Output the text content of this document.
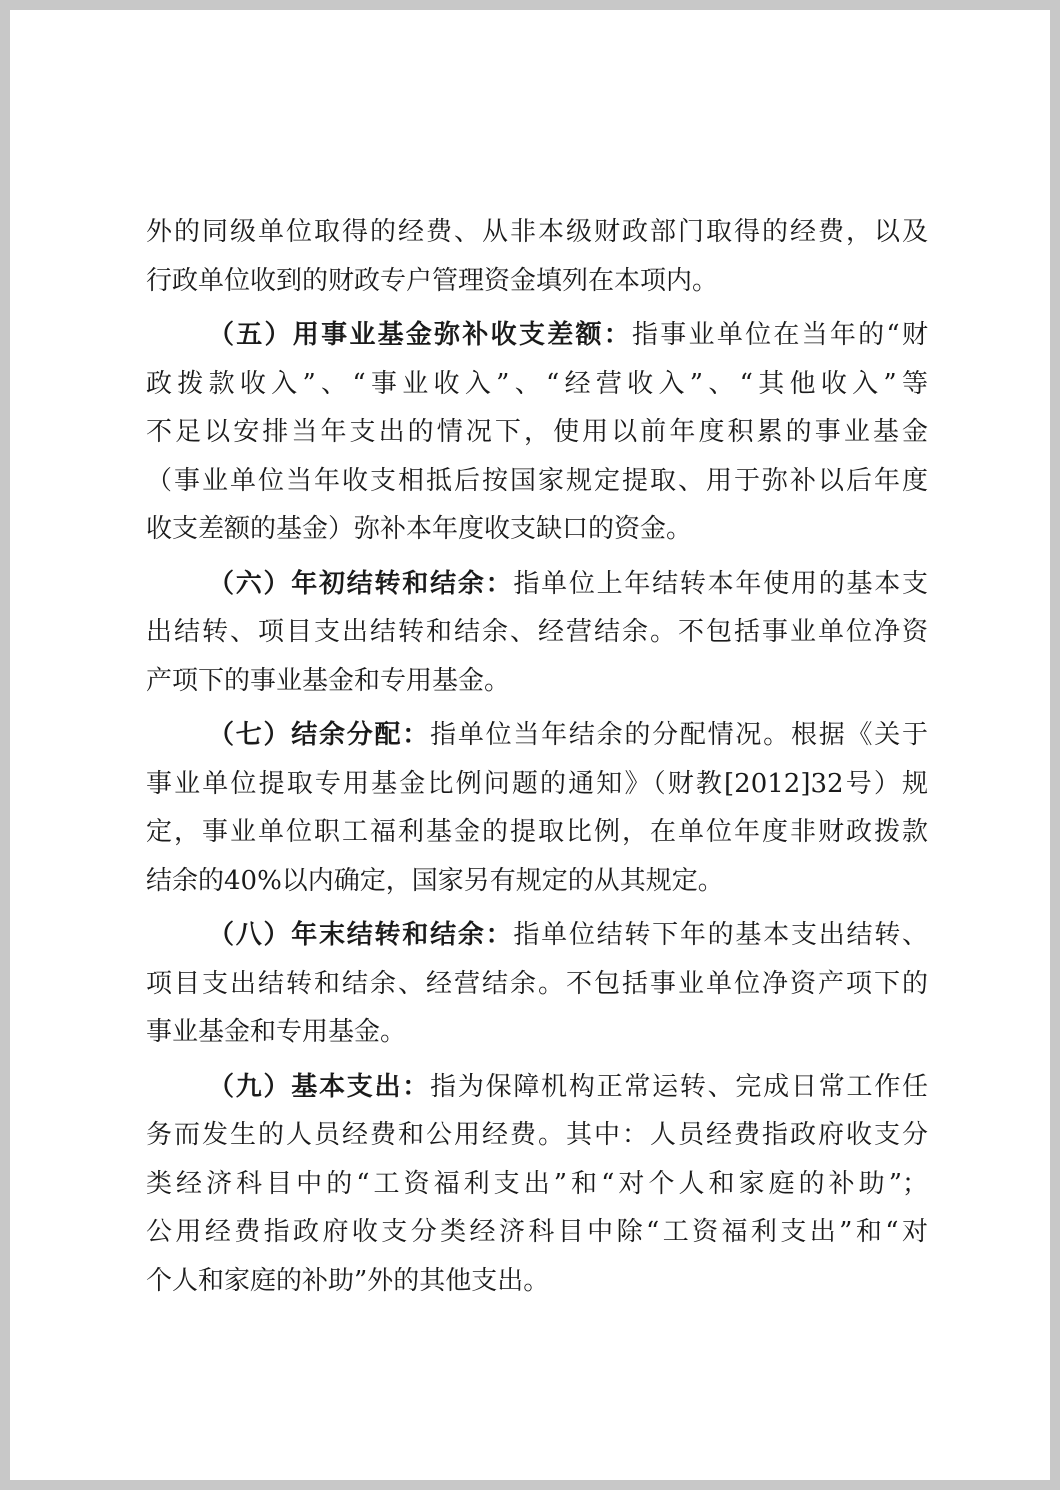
外的同级单位取得的经费、从非本级财政部门取得的经费，以及
行政单位收到的财政专户管理资金填列在本项内。
（五）用事业基金弥补收支差额：指事业单位在当年的“财
政拨款收入”、“事业收入”、“经营收入”、“其他收入”等
不足以安排当年支出的情况下，使用以前年度积累的事业基金
（事业单位当年收支相抵后按国家规定提取、用于弥补以后年度
收支差额的基金）弥补本年度收支缺口的资金。
（六）年初结转和结余：指单位上年结转本年使用的基本支
出结转、项目支出结转和结余、经营结余。不包括事业单位净资
产项下的事业基金和专用基金。
（七）结余分配：指单位当年结余的分配情况。根据《关于
事业单位提取专用基金比例问题的通知》（财教[2012]32号）规
定，事业单位职工福利基金的提取比例，在单位年度非财政拨款
结余的40%以内确定，国家另有规定的从其规定。
（八）年末结转和结余：指单位结转下年的基本支出结转、
项目支出结转和结余、经营结余。不包括事业单位净资产项下的
事业基金和专用基金。
（九）基本支出：指为保障机构正常运转、完成日常工作任
务而发生的人员经费和公用经费。其中：人员经费指政府收支分
类经济科目中的“工资福利支出”和“对个人和家庭的补助”；
公用经费指政府收支分类经济科目中除“工资福利支出”和“对
个人和家庭的补助”外的其他支出。
